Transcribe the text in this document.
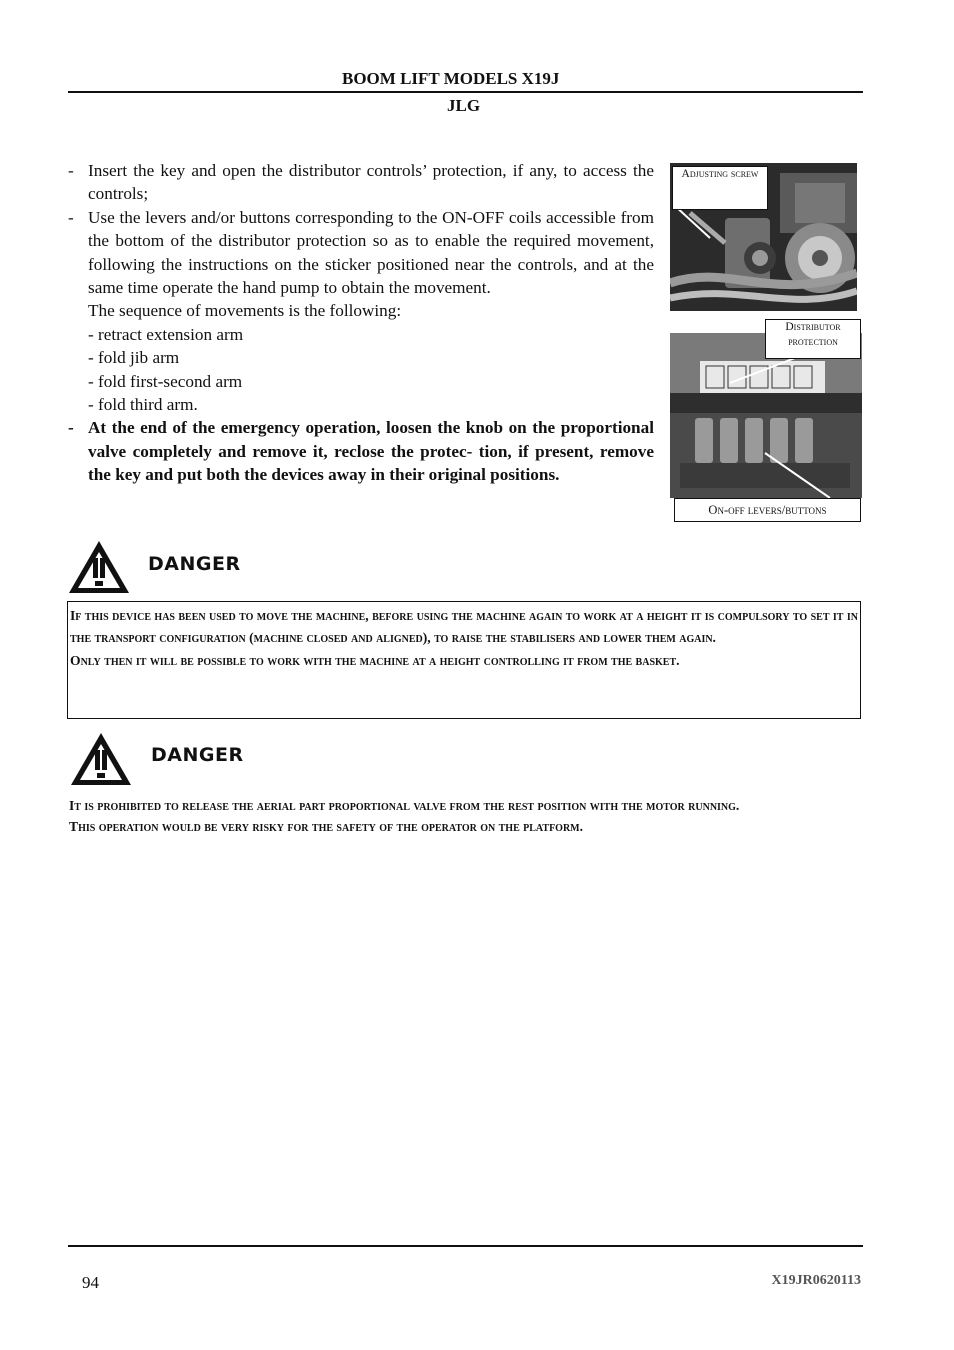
BOOM LIFT MODELS X19J
JLG
- Insert the key and open the distributor controls’ protection, if any, to access the controls;
- Use the levers and/or buttons corresponding to the ON-OFF coils accessible from the bottom of the distributor protection so as to enable the required movement, following the instructions on the sticker positioned near the controls, and at the same time operate the hand pump to obtain the movement.
The sequence of movements is the following:
- retract extension arm
- fold jib arm
- fold first-second arm
- fold third arm.
- At the end of the emergency operation, loosen the knob on the proportional valve completely and remove it, reclose the protec- tion, if present, remove the key and put both the devices away in their original positions.
Adjusting screw
Distributor protection
On-off levers/buttons
DANGER

If this device has been used to move the machine, before using the machine again to work at a height it is compulsory to set it in the transport configuration (machine closed and aligned), to raise the stabilisers and lower them again.

Only then it will be possible to work with the machine at a height controlling it from the basket.

DANGER

It is prohibited to release the aerial part proportional valve from the rest position with the motor running.

This operation would be very risky for the safety of the operator on the platform.

94	X19JR0620113
